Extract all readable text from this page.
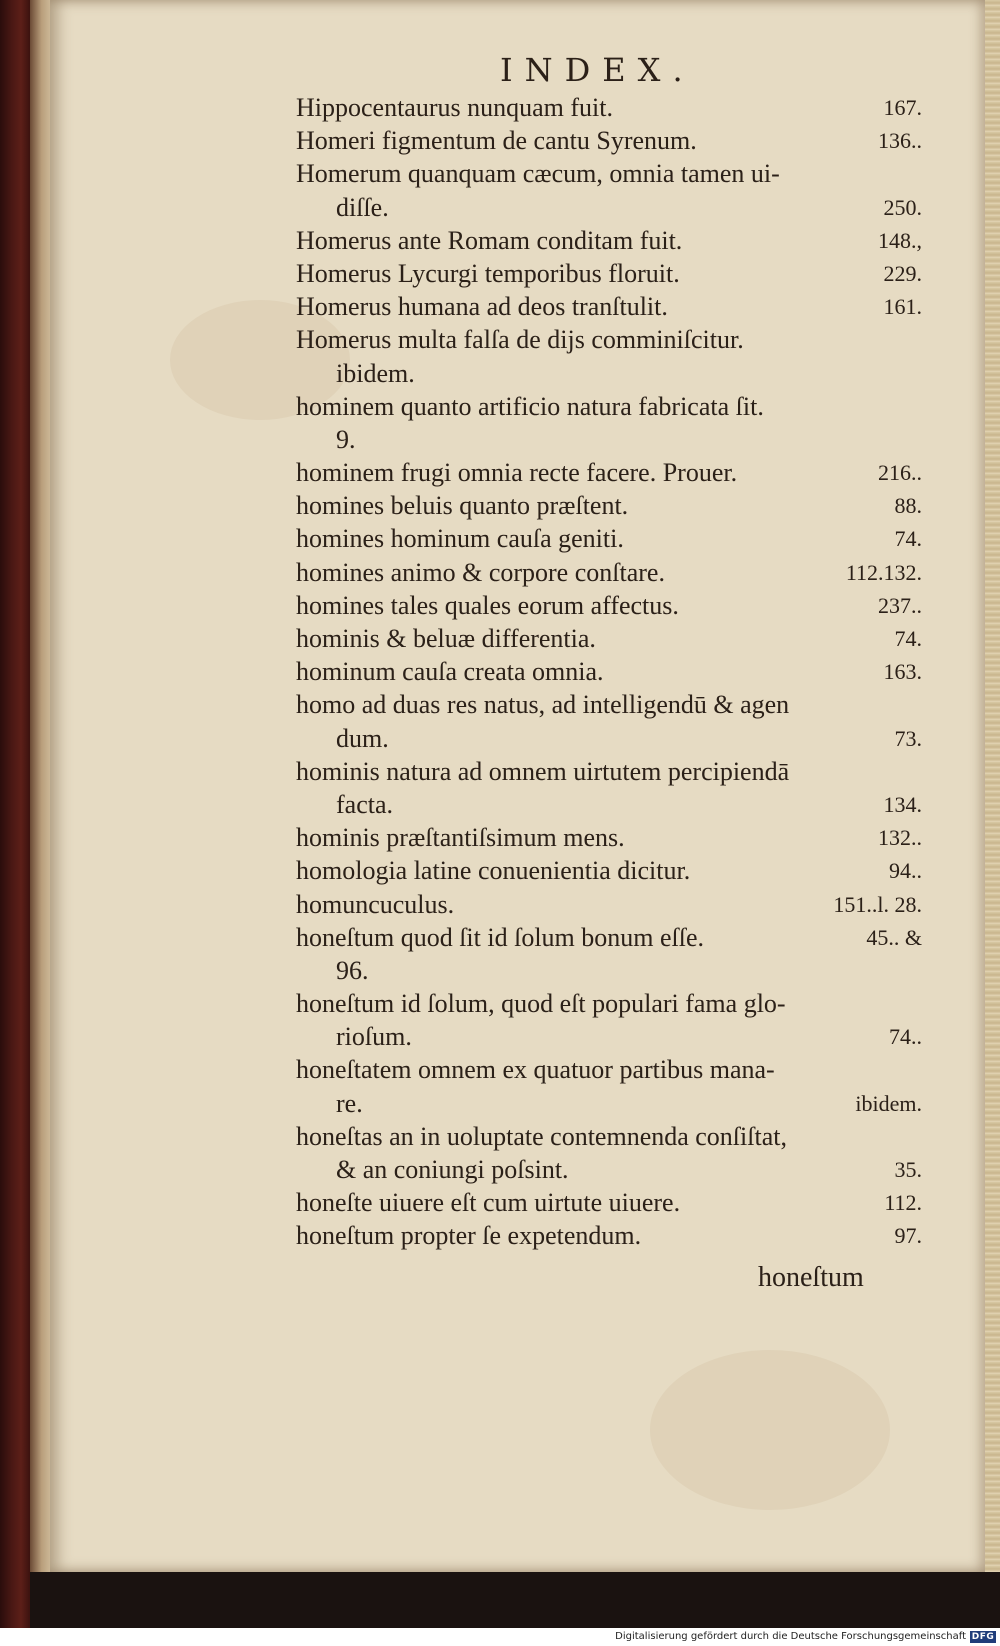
INDEX.
Hippocentaurus nunquam fuit.	167.
Homeri figmentum de cantu Syrenum.	136..
Homerum quanquam cæcum, omnia tamen ui-
diſſe.	250.
Homerus ante Romam conditam fuit.	148.,
Homerus Lycurgi temporibus floruit.	229.
Homerus humana ad deos tranſtulit.	161.
Homerus multa falſa de dijs comminiſcitur.
ibidem.
hominem quanto artificio natura fabricata ſit.
9.
hominem frugi omnia recte facere. Prouer.	216..
homines beluis quanto præſtent.	88.
homines hominum cauſa geniti.	74.
homines animo & corpore conſtare.	112.132.
homines tales quales eorum affectus.	237..
hominis & beluæ differentia.	74.
hominum cauſa creata omnia.	163.
homo ad duas res natus, ad intelligendū & agen
dum.	73.
hominis natura ad omnem uirtutem percipiendā
facta.	134.
hominis præſtantiſsimum mens.	132..
homologia latine conuenientia dicitur.	94..
homuncuculus.	151..l. 28.
honeſtum quod ſit id ſolum bonum eſſe.	45.. &
96.
honeſtum id ſolum, quod eſt populari fama glo-
rioſum.	74..
honeſtatem omnem ex quatuor partibus mana-
re.	ibidem.
honeſtas an in uoluptate contemnenda conſiſtat,
& an coniungi poſsint.	35.
honeſte uiuere eſt cum uirtute uiuere.	112.
honeſtum propter ſe expetendum.	97.
honeſtum
Digitalisierung gefördert durch die Deutsche Forschungsgemeinschaft DFG
